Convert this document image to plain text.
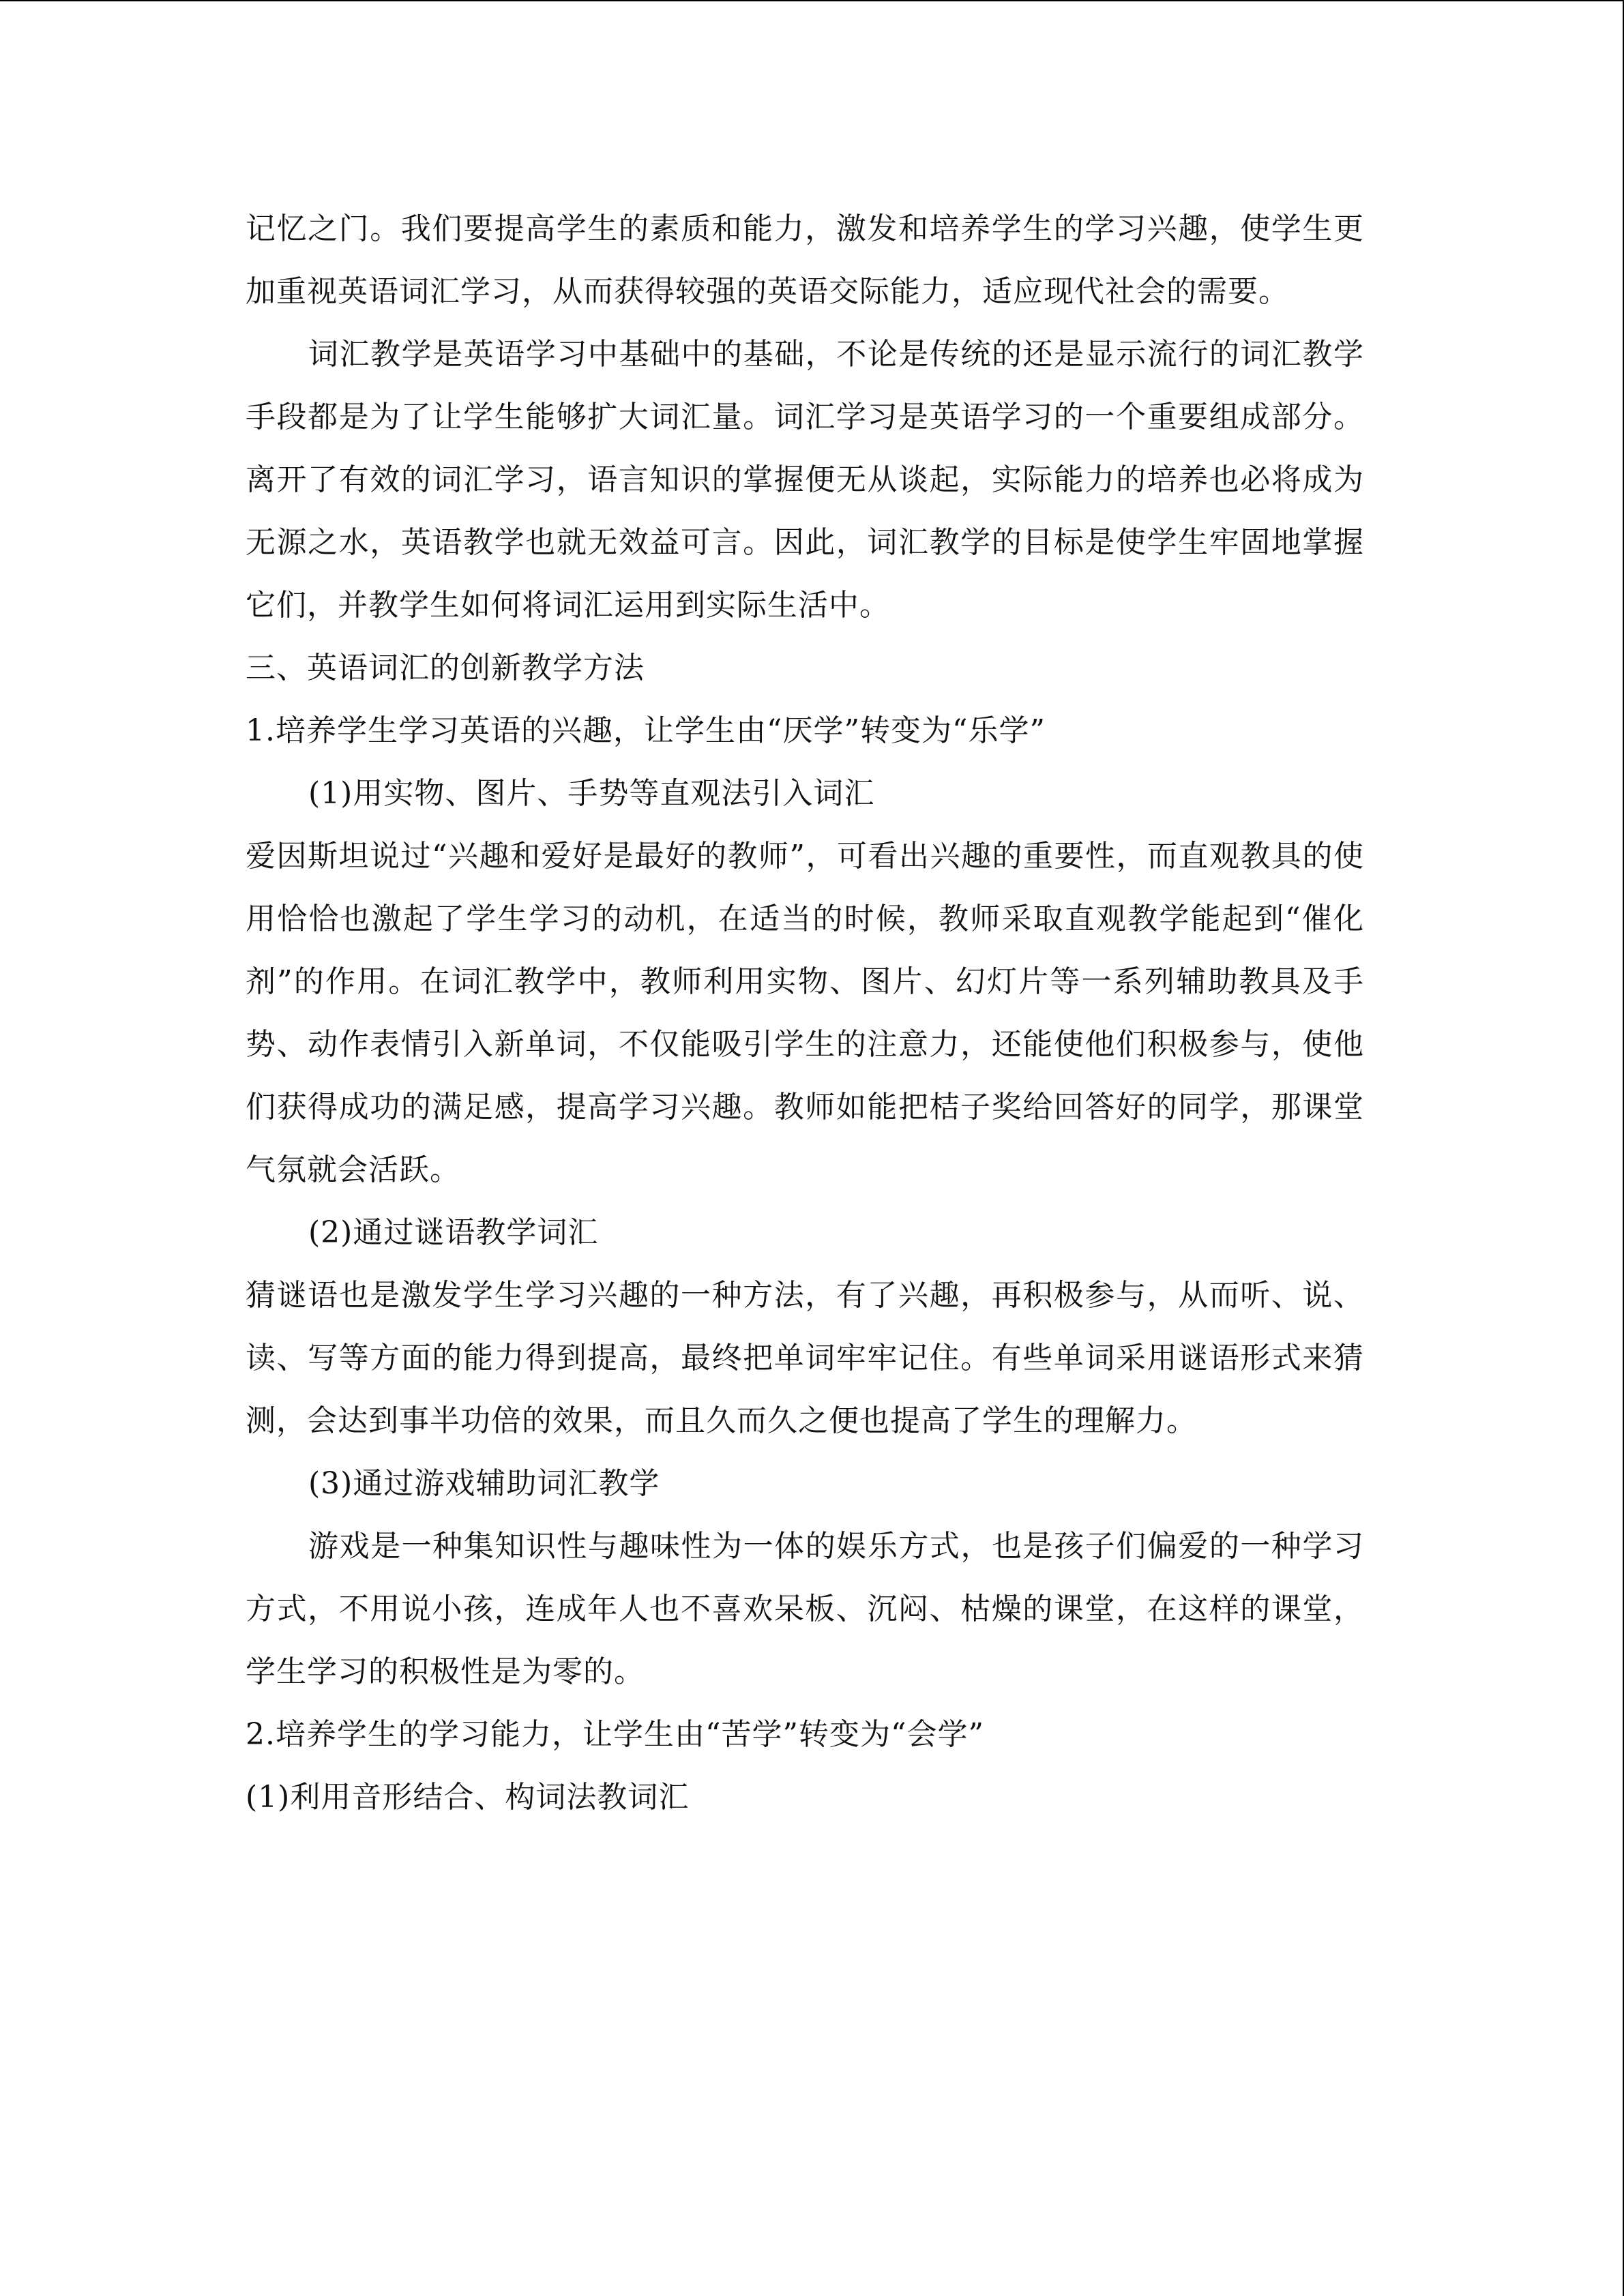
记忆之门。我们要提高学生的素质和能力，激发和培养学生的学习兴趣，使学生更加重视英语词汇学习，从而获得较强的英语交际能力，适应现代社会的需要。

词汇教学是英语学习中基础中的基础，不论是传统的还是显示流行的词汇教学手段都是为了让学生能够扩大词汇量。词汇学习是英语学习的一个重要组成部分。离开了有效的词汇学习，语言知识的掌握便无从谈起，实际能力的培养也必将成为无源之水，英语教学也就无效益可言。因此，词汇教学的目标是使学生牢固地掌握它们，并教学生如何将词汇运用到实际生活中。

三、英语词汇的创新教学方法

1.培养学生学习英语的兴趣，让学生由“厌学”转变为“乐学”

(1)用实物、图片、手势等直观法引入词汇

爱因斯坦说过“兴趣和爱好是最好的教师”，可看出兴趣的重要性，而直观教具的使用恰恰也激起了学生学习的动机，在适当的时候，教师采取直观教学能起到“催化剂”的作用。在词汇教学中，教师利用实物、图片、幻灯片等一系列辅助教具及手势、动作表情引入新单词，不仅能吸引学生的注意力，还能使他们积极参与，使他们获得成功的满足感，提高学习兴趣。教师如能把桔子奖给回答好的同学，那课堂气氛就会活跃。

(2)通过谜语教学词汇

猜谜语也是激发学生学习兴趣的一种方法，有了兴趣，再积极参与，从而听、说、读、写等方面的能力得到提高，最终把单词牢牢记住。有些单词采用谜语形式来猜测，会达到事半功倍的效果，而且久而久之便也提高了学生的理解力。

(3)通过游戏辅助词汇教学

游戏是一种集知识性与趣味性为一体的娱乐方式，也是孩子们偏爱的一种学习方式，不用说小孩，连成年人也不喜欢呆板、沉闷、枯燥的课堂，在这样的课堂，学生学习的积极性是为零的。

2.培养学生的学习能力，让学生由“苦学”转变为“会学”

(1)利用音形结合、构词法教词汇
